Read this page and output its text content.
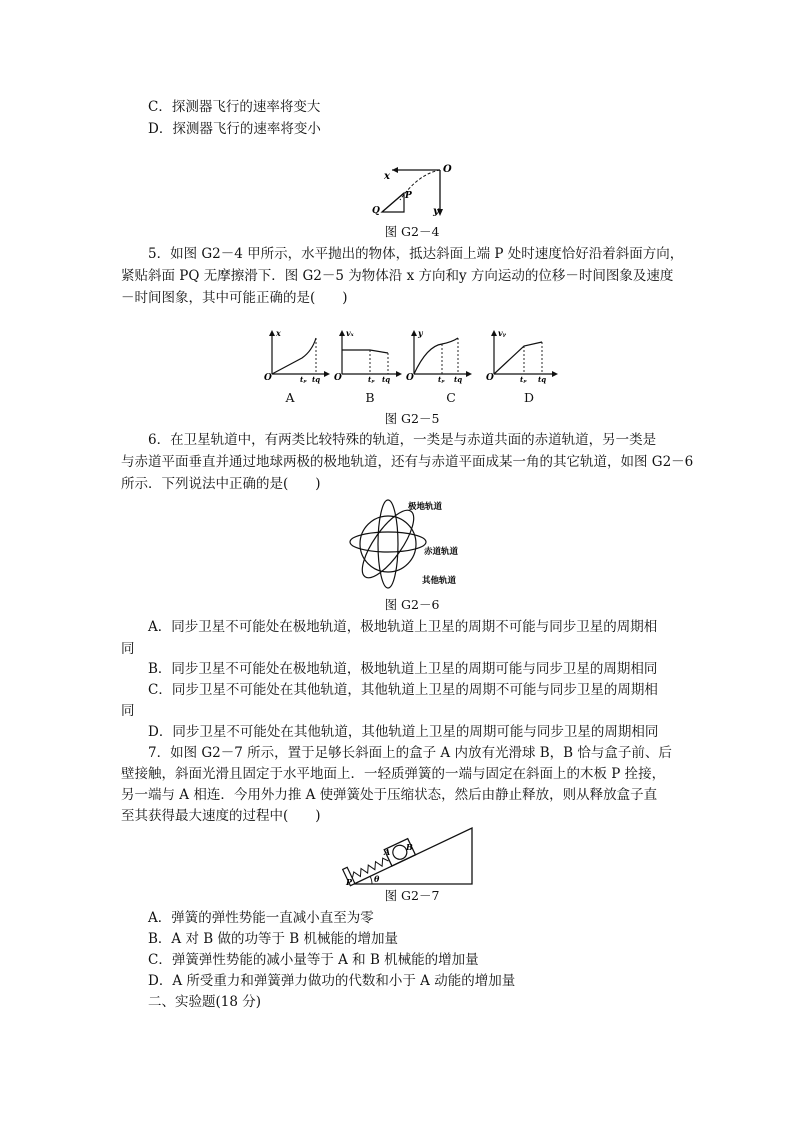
C．探测器飞行的速率将变大
D．探测器飞行的速率将变小
O
x
y
P
Q
图 G2－4
5．如图 G2－4 甲所示，水平抛出的物体，抵达斜面上端 P 处时速度恰好沿着斜面方向，
紧贴斜面 PQ 无摩擦滑下．图 G2－5 为物体沿 x 方向和y 方向运动的位移－时间图象及速度
－时间图象，其中可能正确的是(　　)
x
O	tₚ tq
vₓ
O	tₚ tq
y
O	tₚ tq
vᵧ
O	tₚ tq
A	B	C	D
图 G2－5
6．在卫星轨道中，有两类比较特殊的轨道，一类是与赤道共面的赤道轨道，另一类是
与赤道平面垂直并通过地球两极的极地轨道，还有与赤道平面成某一角的其它轨道，如图 G2－6
所示．下列说法中正确的是(　　)
极地轨道
赤道轨道
其他轨道
图 G2－6
A．同步卫星不可能处在极地轨道，极地轨道上卫星的周期不可能与同步卫星的周期相
同
B．同步卫星不可能处在极地轨道，极地轨道上卫星的周期可能与同步卫星的周期相同
C．同步卫星不可能处在其他轨道，其他轨道上卫星的周期不可能与同步卫星的周期相
同
D．同步卫星不可能处在其他轨道，其他轨道上卫星的周期可能与同步卫星的周期相同
7．如图 G2－7 所示，置于足够长斜面上的盒子 A 内放有光滑球 B，B 恰与盒子前、后
壁接触，斜面光滑且固定于水平地面上．一轻质弹簧的一端与固定在斜面上的木板 P 拴接，
另一端与 A 相连．今用外力推 A 使弹簧处于压缩状态，然后由静止释放，则从释放盒子直
至其获得最大速度的过程中(　　)
P
A B
θ
图 G2－7
A．弹簧的弹性势能一直减小直至为零
B．A 对 B 做的功等于 B 机械能的增加量
C．弹簧弹性势能的减小量等于 A 和 B 机械能的增加量
D．A 所受重力和弹簧弹力做功的代数和小于 A 动能的增加量
二、实验题(18 分)
